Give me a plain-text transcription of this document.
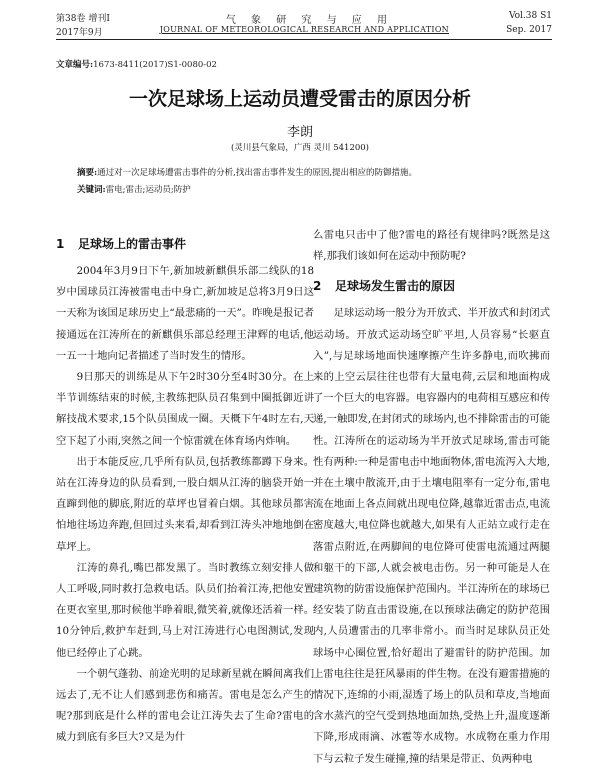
第38卷 增刊Ⅰ	气 象 研 究 与 应 用	Vol.38 S1
2017年9月	JOURNAL OF METEOROLOGICAL RESEARCH AND APPLICATION	Sep. 2017
文章编号:1673-8411(2017)S1-0080-02
一次足球场上运动员遭受雷击的原因分析
李朗
(灵川县气象局，广西 灵川 541200)
摘要:通过对一次足球场遭雷击事件的分析,找出雷击事件发生的原因,提出相应的防御措施。
关键词:雷电;雷击;运动员;防护
1 足球场上的雷击事件

2004年3月9日下午,新加坡新麒俱乐部二线队的18岁中国球员江涛被雷电击中身亡,新加坡足总将3月9日这一天称为该国足球历史上“最悲痛的一天”。昨晚是报记者接通远在江涛所在的新麒俱乐部总经理王津辉的电话,他一五一十地向记者描述了当时发生的情形。

9日那天的训练是从下午2时30分至4时30分。在上半节训练结束的时候,主教练把队员召集到中圈抵御近讲解技战术要求,15个队员围成一圈。天概下午4时左右,天空下起了小雨,突然之间一个惊雷就在体育场内炸响。

出于本能反应,几乎所有队员,包括教练都蹲下身来。站在江涛身边的队员看到,一股白烟从江涛的脑袋开始一直蹿到他的脚底,附近的草坪也冒着白烟。其他球员都害怕地往场边奔跑,但回过头来看,却看到江涛头冲地地倒在草坪上。

江涛的鼻孔,嘴巴都发黑了。当时教练立刻安排人做人工呼吸,同时救打急救电话。队员们抬着江涛,把他安置在更衣室里,那时候他半睁着眼,微笑着,就像还活着一样。10分钟后,救护车赶到,马上对江涛进行心电图测试,发现他已经停止了心跳。

一个朝气蓬勃、前途光明的足球新星就在瞬间离我们远去了,无不让人们感到悲伤和痛苦。雷电是怎么产生的呢?那到底是什么样的雷电会让江涛失去了生命?雷电的威力到底有多巨大?又是为什

么雷电只击中了他?雷电的路径有规律吗?既然是这样,那我们该如何在运动中预防呢?

2 足球场发生雷击的原因

足球运动场一般分为开放式、半开放式和封闭式运动场。开放式运动场空旷平坦,人员容易“长驱直入”,与足球场地面快速摩擦产生许多静电,而吹拂而来的上空云层往往也带有大量电荷,云层和地面构成了一个巨大的电容器。电容器内的电荷相互感应和传递,一触即发,在封闭式的球场内,也不排除雷击的可能性。江涛所在的运动场为半开放式足球场,雷击可能性有两种:一种是雷电击中地面物体,雷电流泻入大地,并在土壤中散流开,由于土壤电阻率有一定分布,雷电流在地面上各点间就出现电位降,越靠近雷击点,电流密度越大,电位降也就越大,如果有人正站立或行走在落雷点附近,在两脚间的电位降可使雷电流通过两腿和躯干的下部,人就会被电击伤。另一种可能是人在建筑物的防雷设施保护范围内。半江涛所在的球场已经安装了防直击雷设施,在以预球法确定的防护范围内,人员遭雷击的几率非常小。而当时足球队员正处球场中心圈位置,恰好超出了避雷针的防护范围。加上雷电往往是狂风暴雨的伴生物。在没有避雷措施的情况下,连绵的小雨,湿透了场上的队员和草皮,当地面含水蒸汽的空气受到热地面加热,受热上升,温度逐渐下降,形成雨滴、冰雹等水成物。水成物在重力作用下与云粒子发生碰撞,撞的结果是带正、负两种电
